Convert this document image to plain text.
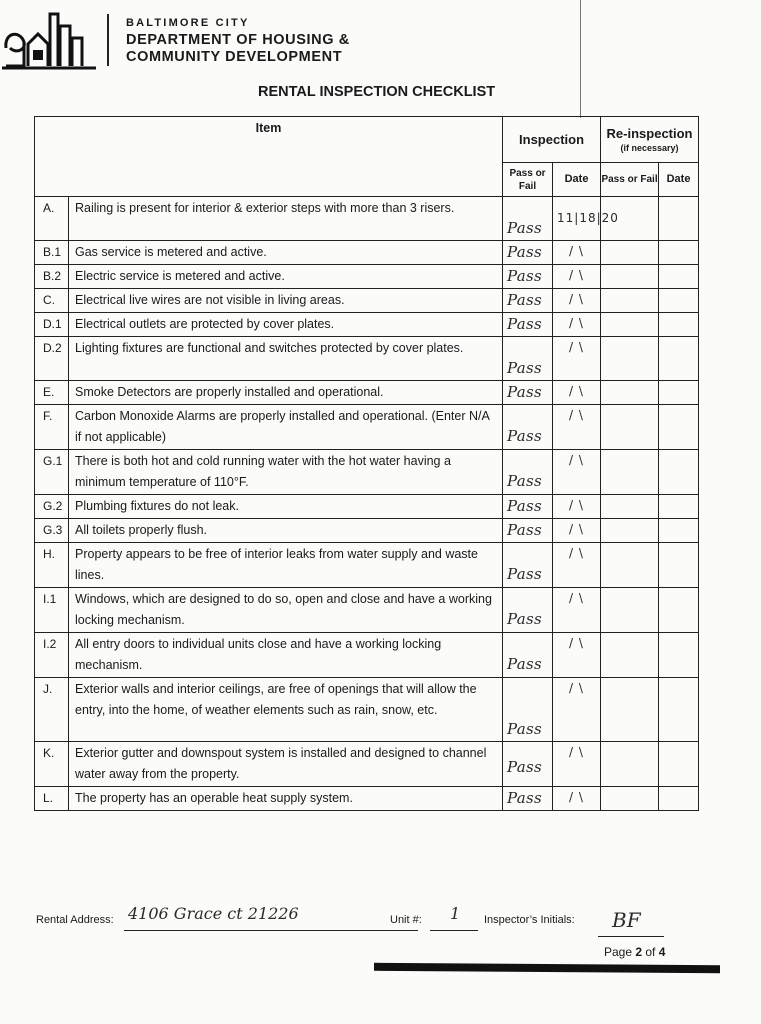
BALTIMORE CITY
DEPARTMENT OF HOUSING &
COMMUNITY DEVELOPMENT
RENTAL INSPECTION CHECKLIST
Item		Inspection		Re-inspection
(if necessary)	

		Pass or Fail	Date	Pass or Fail	Date
A.	Railing is present for interior & exterior steps with more than 3 risers.	Pass	11|18|20		

B.1	Gas service is metered and active.	Pass	/ \		

B.2	Electric service is metered and active.	Pass	/ \		

C.	Electrical live wires are not visible in living areas.	Pass	/ \		

D.1	Electrical outlets are protected by cover plates.	Pass	/ \		

D.2	Lighting fixtures are functional and switches protected by cover plates.	Pass	/ \		

E.	Smoke Detectors are properly installed and operational.	Pass	/ \		

F.	Carbon Monoxide Alarms are properly installed and operational. (Enter N/A if not applicable)	Pass	/ \		

G.1	There is both hot and cold running water with the hot water having a minimum temperature of 110°F.	Pass	/ \		

G.2	Plumbing fixtures do not leak.	Pass	/ \		

G.3	All toilets properly flush.	Pass	/ \		

H.	Property appears to be free of interior leaks from water supply and waste lines.	Pass	/ \		

I.1	Windows, which are designed to do so, open and close and have a working locking mechanism.	Pass	/ \		

I.2	All entry doors to individual units close and have a working locking mechanism.	Pass	/ \		

J.	Exterior walls and interior ceilings, are free of openings that will allow the entry, into the home, of weather elements such as rain, snow, etc.	Pass	/ \		

K.	Exterior gutter and downspout system is installed and designed to channel water away from the property.	Pass	/ \		

L.	The property has an operable heat supply system.	Pass	/ \		

Rental Address: 4106 Grace ct 21226	Unit #: 1 Inspector’s Initials: BF
Page 2 of 4
